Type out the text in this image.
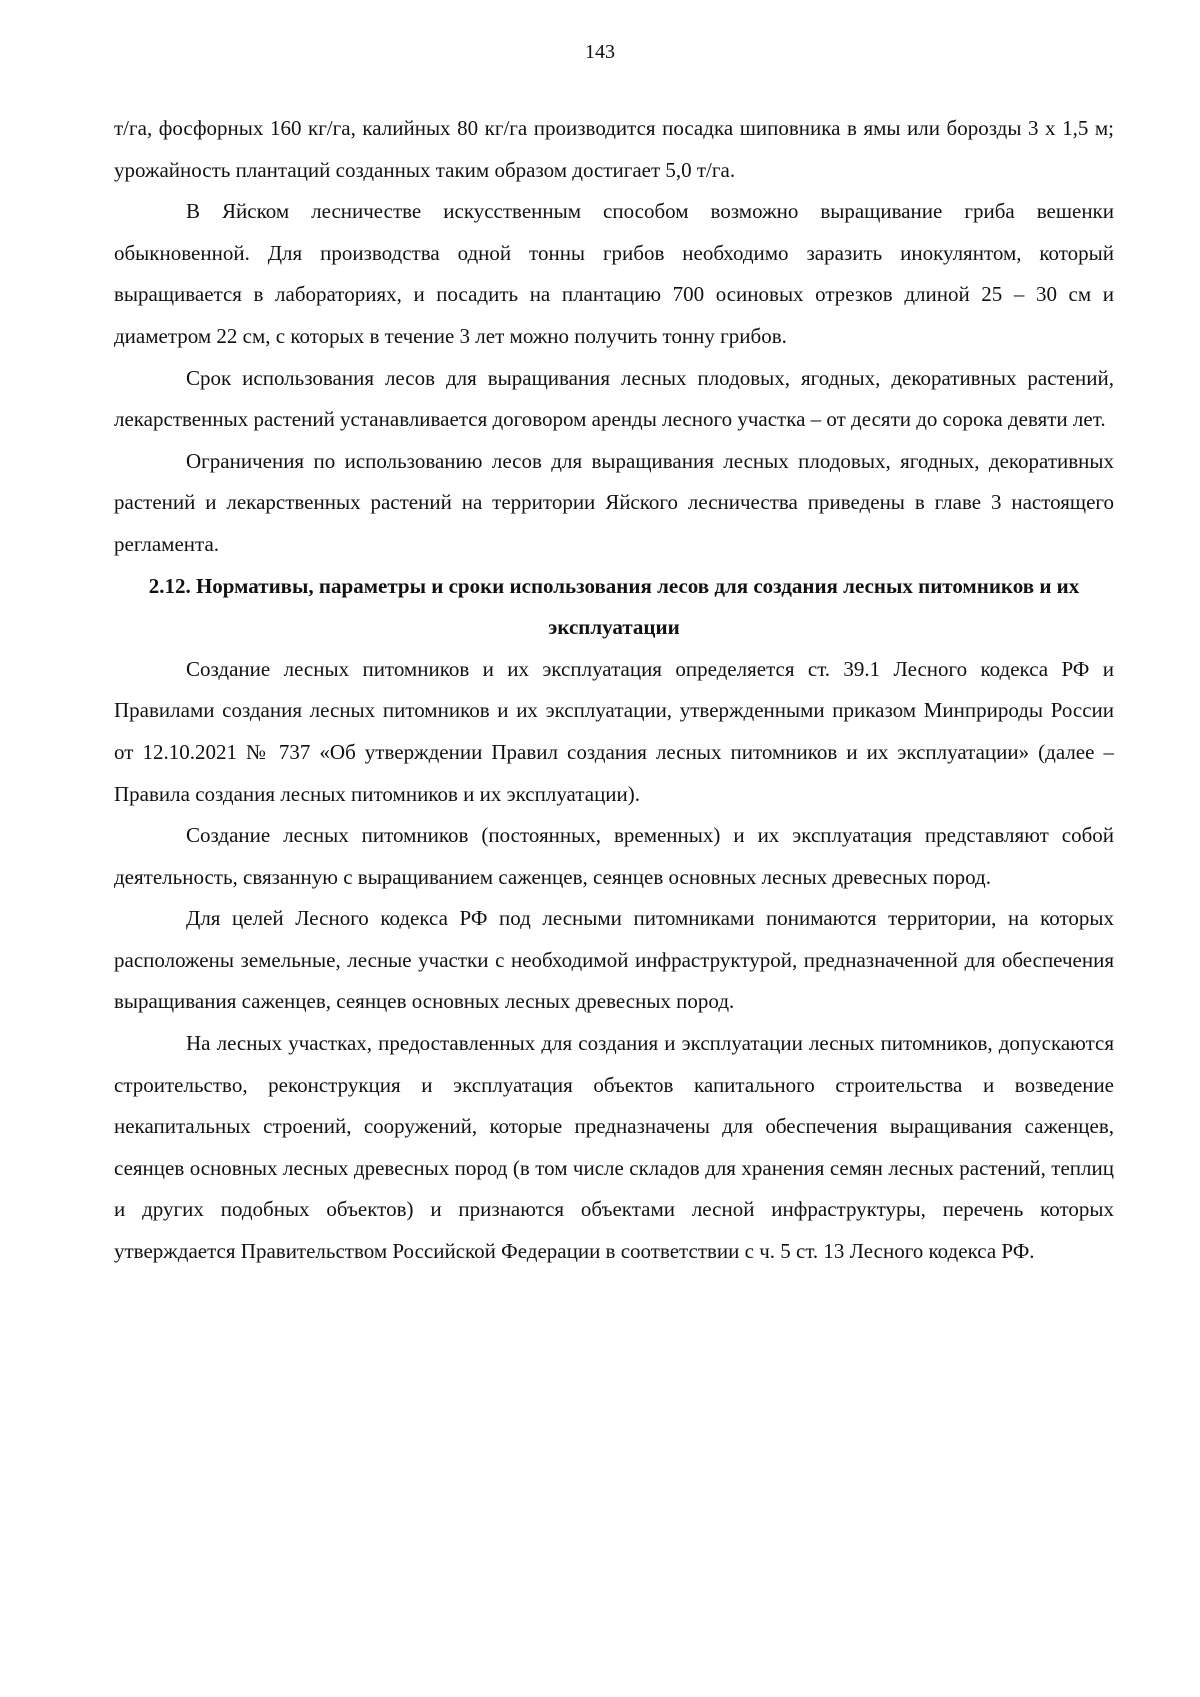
143

т/га, фосфорных 160 кг/га, калийных 80 кг/га производится посадка шиповника в ямы или борозды 3 х 1,5 м; урожайность плантаций созданных таким образом достигает 5,0 т/га.

В Яйском лесничестве искусственным способом возможно выращивание гриба вешенки обыкновенной. Для производства одной тонны грибов необходимо заразить инокулянтом, который выращивается в лабораториях, и посадить на плантацию 700 осиновых отрезков длиной 25 – 30 см и диаметром 22 см, с которых в течение 3 лет можно получить тонну грибов.

Срок использования лесов для выращивания лесных плодовых, ягодных, декоративных растений, лекарственных растений устанавливается договором аренды лесного участка – от десяти до сорока девяти лет.

Ограничения по использованию лесов для выращивания лесных плодовых, ягодных, декоративных растений и лекарственных растений на территории Яйского лесничества приведены в главе 3 настоящего регламента.

2.12. Нормативы, параметры и сроки использования лесов для создания лесных питомников и их эксплуатации

Создание лесных питомников и их эксплуатация определяется ст. 39.1 Лесного кодекса РФ и Правилами создания лесных питомников и их эксплуатации, утвержденными приказом Минприроды России от 12.10.2021 № 737 «Об утверждении Правил создания лесных питомников и их эксплуатации» (далее – Правила создания лесных питомников и их эксплуатации).

Создание лесных питомников (постоянных, временных) и их эксплуатация представляют собой деятельность, связанную с выращиванием саженцев, сеянцев основных лесных древесных пород.

Для целей Лесного кодекса РФ под лесными питомниками понимаются территории, на которых расположены земельные, лесные участки с необходимой инфраструктурой, предназначенной для обеспечения выращивания саженцев, сеянцев основных лесных древесных пород.

На лесных участках, предоставленных для создания и эксплуатации лесных питомников, допускаются строительство, реконструкция и эксплуатация объектов капитального строительства и возведение некапитальных строений, сооружений, которые предназначены для обеспечения выращивания саженцев, сеянцев основных лесных древесных пород (в том числе складов для хранения семян лесных растений, теплиц и других подобных объектов) и признаются объектами лесной инфраструктуры, перечень которых утверждается Правительством Российской Федерации в соответствии с ч. 5 ст. 13 Лесного кодекса РФ.
